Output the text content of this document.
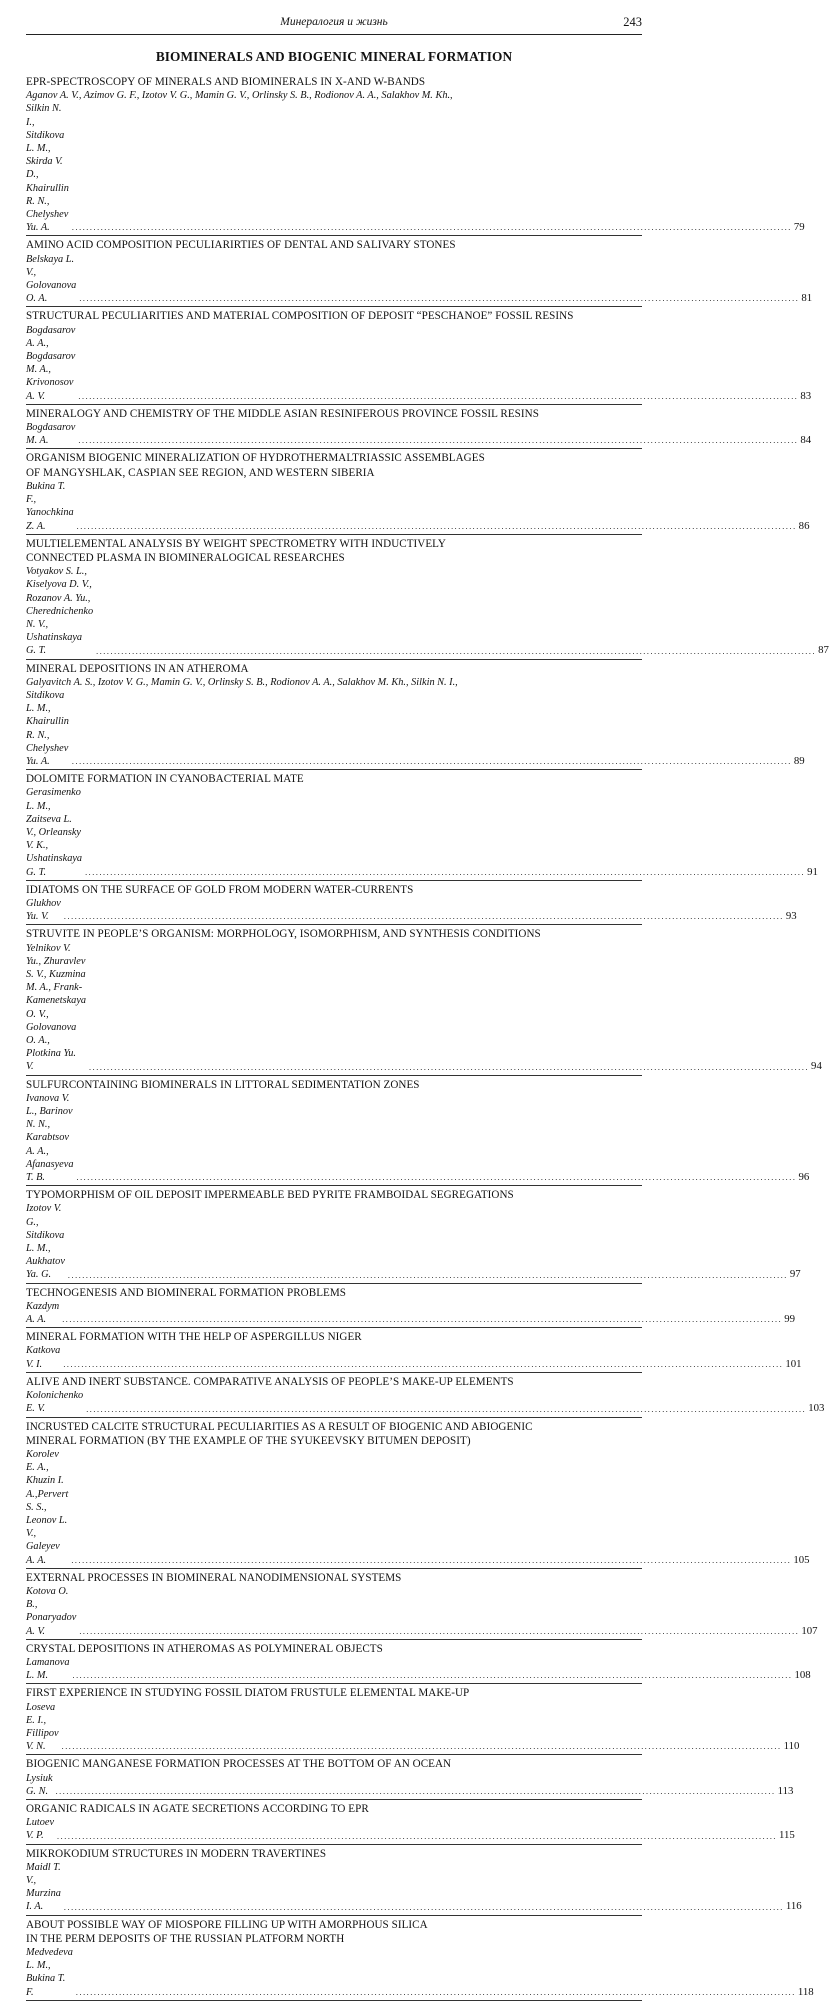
Минералогия и жизнь	243
BIOMINERALS AND BIOGENIC MINERAL FORMATION
EPR-SPECTROSCOPY OF MINERALS AND BIOMINERALS IN X-AND W-BANDS
Aganov A. V., Azimov G. F., Izotov V. G., Mamin G. V., Orlinsky S. B., Rodionov A. A., Salakhov M. Kh.,
Silkin N. I., Sitdikova L. M., Skirda V. D., Khairullin R. N., Chelyshev Yu. A.	........................................................................................................................................................................................................ 79
AMINO ACID COMPOSITION PECULIARIRTIES OF DENTAL AND SALIVARY STONES
Belskaya L. V., Golovanova O. A.	........................................................................................................................................................................................................ 81
STRUCTURAL PECULIARITIES AND MATERIAL COMPOSITION OF DEPOSIT “PESCHANOE” FOSSIL RESINS
Bogdasarov A. A., Bogdasarov M. A., Krivonosov A. V.	........................................................................................................................................................................................................ 83
MINERALOGY AND CHEMISTRY OF THE MIDDLE ASIAN RESINIFEROUS PROVINCE FOSSIL RESINS
Bogdasarov M. A.	........................................................................................................................................................................................................ 84
ORGANISM BIOGENIC MINERALIZATION OF HYDROTHERMALTRIASSIC ASSEMBLAGES
OF MANGYSHLAK, CASPIAN SEE REGION, AND WESTERN SIBERIA
Bukina T. F., Yanochkina Z. A.	........................................................................................................................................................................................................ 86
MULTIELEMENTAL ANALYSIS BY WEIGHT SPECTROMETRY WITH INDUCTIVELY
CONNECTED PLASMA IN BIOMINERALOGICAL RESEARCHES
Votyakov S. L., Kiselyova D. V., Rozanov A. Yu., Cherednichenko N. V., Ushatinskaya G. T.	........................................................................................................................................................................................................ 87
MINERAL DEPOSITIONS IN AN ATHEROMA
Galyavitch A. S., Izotov V. G., Mamin G. V., Orlinsky S. B., Rodionov A. A., Salakhov M. Kh., Silkin N. I.,
Sitdikova L. M., Khairullin R. N., Chelyshev Yu. A.	........................................................................................................................................................................................................ 89
DOLOMITE FORMATION IN CYANOBACTERIAL MATE
Gerasimenko L. M., Zaitseva L. V., Orleansky V. K., Ushatinskaya G. T.	........................................................................................................................................................................................................ 91
IDIATOMS ON THE SURFACE OF GOLD FROM MODERN WATER-CURRENTS
Glukhov Yu. V.	........................................................................................................................................................................................................ 93
STRUVITE IN PEOPLE’S ORGANISM: MORPHOLOGY, ISOMORPHISM, AND SYNTHESIS CONDITIONS
Yelnikov V. Yu., Zhuravlev S. V., Kuzmina M. A., Frank-Kamenetskaya O. V., Golovanova O. A., Plotkina Yu. V.	........................................................................................................................................................................................................ 94
SULFURCONTAINING BIOMINERALS IN LITTORAL SEDIMENTATION ZONES
Ivanova V. L., Barinov N. N., Karabtsov A. A., Afanasyeva T. B.	........................................................................................................................................................................................................ 96
TYPOMORPHISM OF OIL DEPOSIT IMPERMEABLE BED PYRITE FRAMBOIDAL SEGREGATIONS
Izotov V. G., Sitdikova L. M., Aukhatov Ya. G.	........................................................................................................................................................................................................ 97
TECHNOGENESIS AND BIOMINERAL FORMATION PROBLEMS
Kazdym A. A.	........................................................................................................................................................................................................ 99
MINERAL FORMATION WITH THE HELP OF ASPERGILLUS NIGER
Katkova V. I.	........................................................................................................................................................................................................ 101
ALIVE AND INERT SUBSTANCE. COMPARATIVE ANALYSIS OF PEOPLE’S MAKE-UP ELEMENTS
Kolonichenko E. V.	........................................................................................................................................................................................................ 103
INCRUSTED CALCITE STRUCTURAL PECULIARITIES AS A RESULT OF BIOGENIC AND ABIOGENIC
MINERAL FORMATION (BY THE EXAMPLE OF THE SYUKEEVSKY BITUMEN DEPOSIT)
Korolev E. A., Khuzin I. A.,Pervert S. S., Leonov L. V., Galeyev A. A.	........................................................................................................................................................................................................ 105
EXTERNAL PROCESSES IN BIOMINERAL NANODIMENSIONAL SYSTEMS
Kotova O. B., Ponaryadov A. V.	........................................................................................................................................................................................................ 107
CRYSTAL DEPOSITIONS IN ATHEROMAS AS POLYMINERAL OBJECTS
Lamanova L. M.	........................................................................................................................................................................................................ 108
FIRST EXPERIENCE IN STUDYING FOSSIL DIATOM FRUSTULE ELEMENTAL MAKE-UP
Loseva E. I., Fillipov V. N.	........................................................................................................................................................................................................ 110
BIOGENIC MANGANESE FORMATION PROCESSES AT THE BOTTOM OF AN OCEAN
Lysiuk G. N. ........................................................................................................................................................................................................ 113
ORGANIC RADICALS IN AGATE SECRETIONS ACCORDING TO EPR
Lutoev V. P.	........................................................................................................................................................................................................ 115
MIKROKODIUM STRUCTURES IN MODERN TRAVERTINES
Maidl T. V., Murzina I. A.	........................................................................................................................................................................................................ 116
ABOUT POSSIBLE WAY OF MIOSPORE FILLING UP WITH AMORPHOUS SILICA
IN THE PERM DEPOSITS OF THE RUSSIAN PLATFORM NORTH
Medvedeva L. M., Bukina T. F.	........................................................................................................................................................................................................ 118
